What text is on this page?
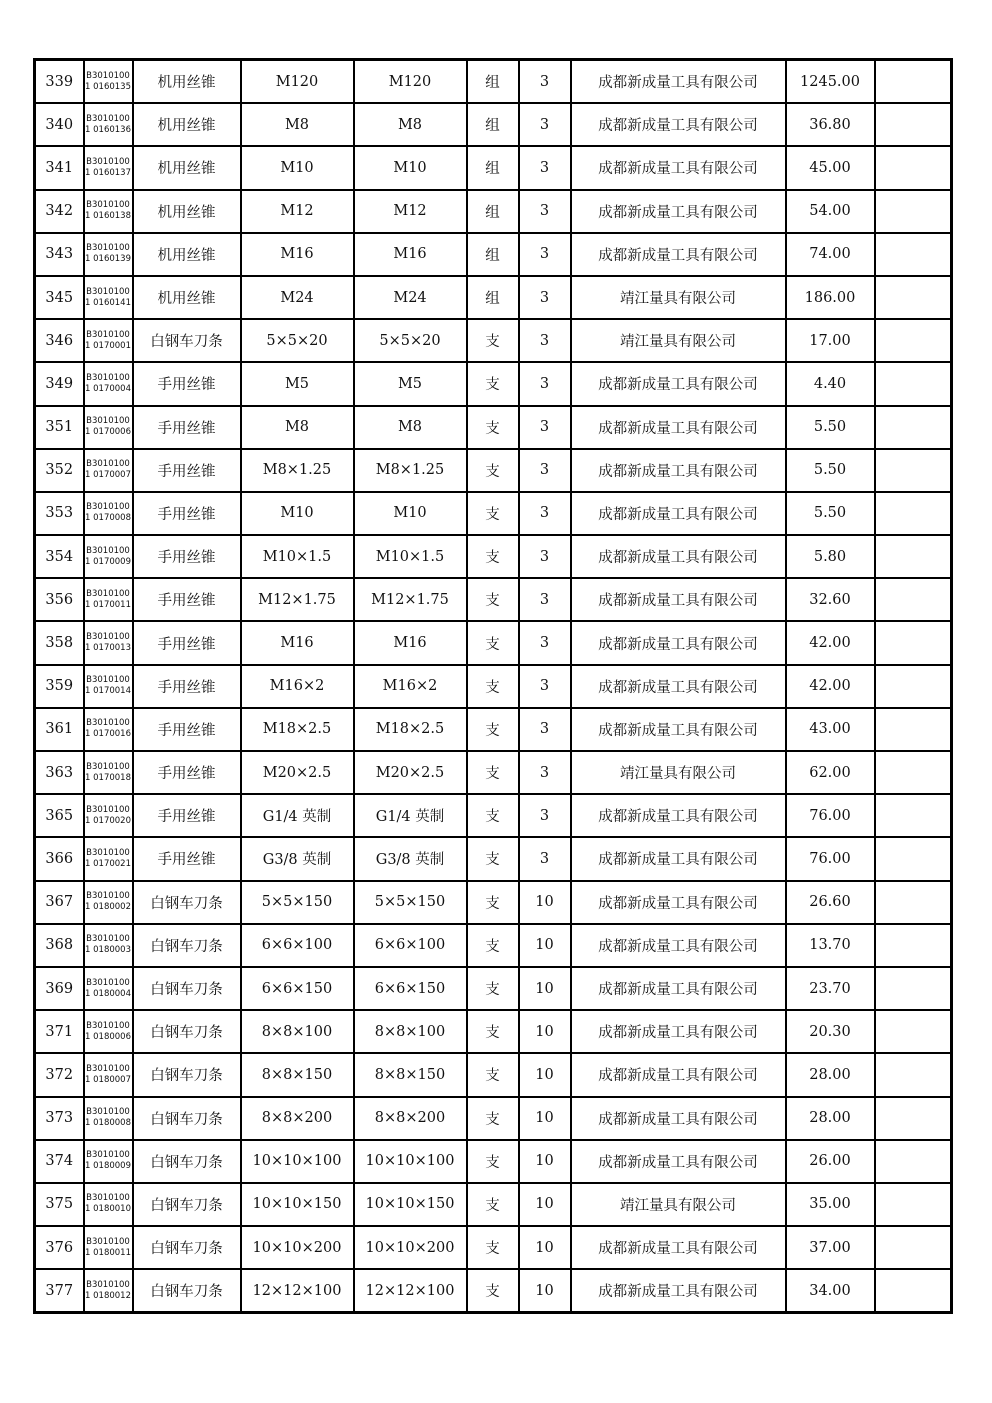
339	B30101001 0160135	机用丝锥	M120	M120	组	3	成都新成量工具有限公司	1245.00	
340	B30101001 0160136	机用丝锥	M8	M8	组	3	成都新成量工具有限公司	36.80	
341	B30101001 0160137	机用丝锥	M10	M10	组	3	成都新成量工具有限公司	45.00	
342	B30101001 0160138	机用丝锥	M12	M12	组	3	成都新成量工具有限公司	54.00	
343	B30101001 0160139	机用丝锥	M16	M16	组	3	成都新成量工具有限公司	74.00	
345	B30101001 0160141	机用丝锥	M24	M24	组	3	靖江量具有限公司	186.00	
346	B30101001 0170001	白钢车刀条	5×5×20	5×5×20	支	3	靖江量具有限公司	17.00	
349	B30101001 0170004	手用丝锥	M5	M5	支	3	成都新成量工具有限公司	4.40	
351	B30101001 0170006	手用丝锥	M8	M8	支	3	成都新成量工具有限公司	5.50	
352	B30101001 0170007	手用丝锥	M8×1.25	M8×1.25	支	3	成都新成量工具有限公司	5.50	
353	B30101001 0170008	手用丝锥	M10	M10	支	3	成都新成量工具有限公司	5.50	
354	B30101001 0170009	手用丝锥	M10×1.5	M10×1.5	支	3	成都新成量工具有限公司	5.80	
356	B30101001 0170011	手用丝锥	M12×1.75	M12×1.75	支	3	成都新成量工具有限公司	32.60	
358	B30101001 0170013	手用丝锥	M16	M16	支	3	成都新成量工具有限公司	42.00	
359	B30101001 0170014	手用丝锥	M16×2	M16×2	支	3	成都新成量工具有限公司	42.00	
361	B30101001 0170016	手用丝锥	M18×2.5	M18×2.5	支	3	成都新成量工具有限公司	43.00	
363	B30101001 0170018	手用丝锥	M20×2.5	M20×2.5	支	3	靖江量具有限公司	62.00	
365	B30101001 0170020	手用丝锥	G1/4 英制	G1/4 英制	支	3	成都新成量工具有限公司	76.00	
366	B30101001 0170021	手用丝锥	G3/8 英制	G3/8 英制	支	3	成都新成量工具有限公司	76.00	
367	B30101001 0180002	白钢车刀条	5×5×150	5×5×150	支	10	成都新成量工具有限公司	26.60	
368	B30101001 0180003	白钢车刀条	6×6×100	6×6×100	支	10	成都新成量工具有限公司	13.70	
369	B30101001 0180004	白钢车刀条	6×6×150	6×6×150	支	10	成都新成量工具有限公司	23.70	
371	B30101001 0180006	白钢车刀条	8×8×100	8×8×100	支	10	成都新成量工具有限公司	20.30	
372	B30101001 0180007	白钢车刀条	8×8×150	8×8×150	支	10	成都新成量工具有限公司	28.00	
373	B30101001 0180008	白钢车刀条	8×8×200	8×8×200	支	10	成都新成量工具有限公司	28.00	
374	B30101001 0180009	白钢车刀条	10×10×100	10×10×100	支	10	成都新成量工具有限公司	26.00	
375	B30101001 0180010	白钢车刀条	10×10×150	10×10×150	支	10	靖江量具有限公司	35.00	
376	B30101001 0180011	白钢车刀条	10×10×200	10×10×200	支	10	成都新成量工具有限公司	37.00	
377	B30101001 0180012	白钢车刀条	12×12×100	12×12×100	支	10	成都新成量工具有限公司	34.00	
